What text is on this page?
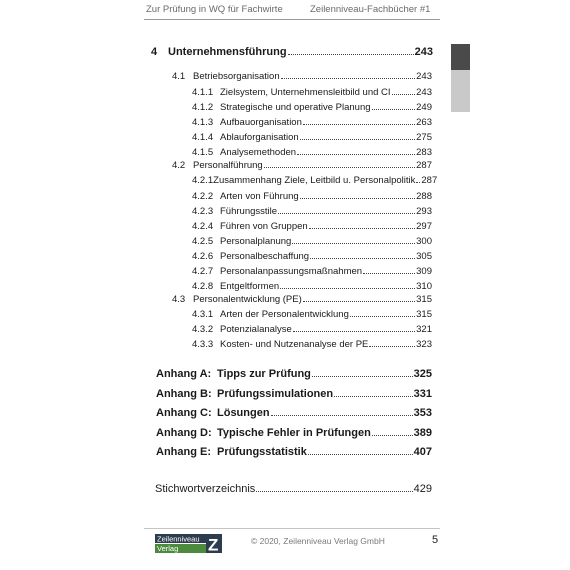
Zur Prüfung in WQ für Fachwirte	Zeilenniveau-Fachbücher #1
4 Unternehmensführung	243
4.1 Betriebsorganisation	243
4.1.1 Zielsystem, Unternehmensleitbild und CI	243
4.1.2 Strategische und operative Planung	249
4.1.3 Aufbauorganisation	263
4.1.4 Ablauforganisation	275
4.1.5 Analysemethoden	283
4.2 Personalführung	287
4.2.1 Zusammenhang Ziele, Leitbild u. Personalpolitik 287
4.2.2 Arten von Führung	288
4.2.3 Führungsstile	293
4.2.4 Führen von Gruppen	297
4.2.5 Personalplanung	300
4.2.6 Personalbeschaffung	305
4.2.7 Personalanpassungsmaßnahmen	309
4.2.8 Entgeltformen	310
4.3 Personalentwicklung (PE)	315
4.3.1 Arten der Personalentwicklung	315
4.3.2 Potenzialanalyse	321
4.3.3 Kosten- und Nutzenanalyse der PE	323
Anhang A: Tipps zur Prüfung	325
Anhang B: Prüfungssimulationen	331
Anhang C: Lösungen	353
Anhang D: Typische Fehler in Prüfungen	389
Anhang E: Prüfungsstatistik	407
Stichwortverzeichnis	429
Zeilenniveau
Verlag Z	© 2020, Zeilenniveau Verlag GmbH	5
